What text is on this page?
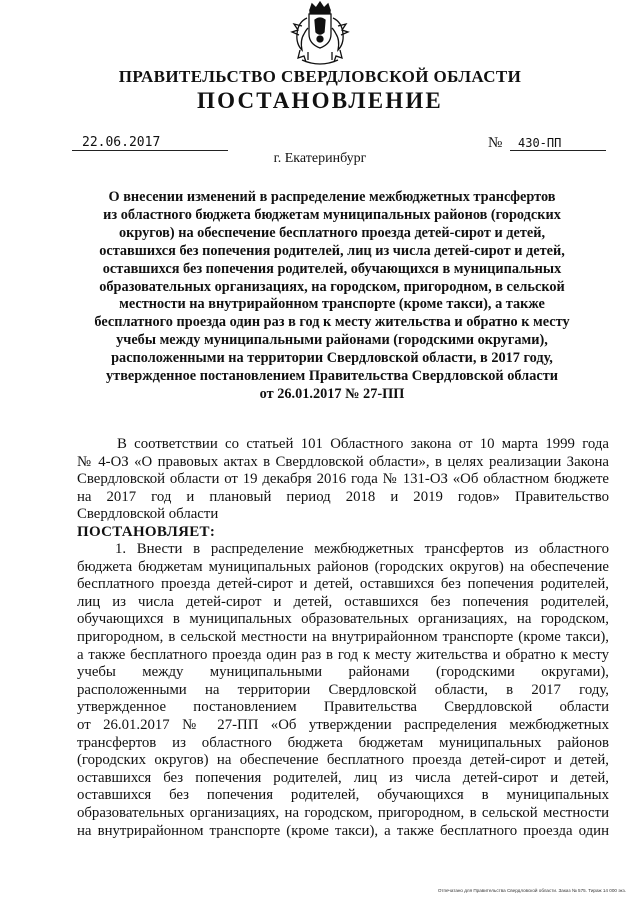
ПРАВИТЕЛЬСТВО СВЕРДЛОВСКОЙ ОБЛАСТИ
ПОСТАНОВЛЕНИЕ
22.06.2017	№	430-ПП
г. Екатеринбург
О внесении изменений в распределение межбюджетных трансфертов
из областного бюджета бюджетам муниципальных районов (городских
округов) на обеспечение бесплатного проезда детей-сирот и детей,
оставшихся без попечения родителей, лиц из числа детей-сирот и детей,
оставшихся без попечения родителей, обучающихся в муниципальных
образовательных организациях, на городском, пригородном, в сельской
местности на внутрирайонном транспорте (кроме такси), а также
бесплатного проезда один раз в год к месту жительства и обратно к месту
учебы между муниципальными районами (городскими округами),
расположенными на территории Свердловской области, в 2017 году,
утвержденное постановлением Правительства Свердловской области
от 26.01.2017 № 27-ПП
В соответствии со статьей 101 Областного закона от 10 марта 1999 года
№ 4-ОЗ «О правовых актах в Свердловской области», в целях реализации Закона
Свердловской области от 19 декабря 2016 года № 131-ОЗ «Об областном бюджете
на 2017 год и плановый период 2018 и 2019 годов» Правительство
Свердловской области
ПОСТАНОВЛЯЕТ:
1. Внести в распределение межбюджетных трансфертов из областного
бюджета бюджетам муниципальных районов (городских округов) на обеспечение
бесплатного проезда детей-сирот и детей, оставшихся без попечения родителей,
лиц из числа детей-сирот и детей, оставшихся без попечения родителей,
обучающихся в муниципальных образовательных организациях, на городском,
пригородном, в сельской местности на внутрирайонном транспорте (кроме такси),
а также бесплатного проезда один раз в год к месту жительства и обратно к месту
учебы между муниципальными районами (городскими округами),
расположенными на территории Свердловской области, в 2017 году,
утвержденное постановлением Правительства Свердловской области
от 26.01.2017 № 27-ПП «Об утверждении распределения межбюджетных
трансфертов из областного бюджета бюджетам муниципальных районов
(городских округов) на обеспечение бесплатного проезда детей-сирот и детей,
оставшихся без попечения родителей, лиц из числа детей-сирот и детей,
оставшихся без попечения родителей, обучающихся в муниципальных
образовательных организациях, на городском, пригородном, в сельской местности
на внутрирайонном транспорте (кроме такси), а также бесплатного проезда один
Отпечатано для Правительства Свердловской области. Заказ № 575. Тираж 14 000 экз.
